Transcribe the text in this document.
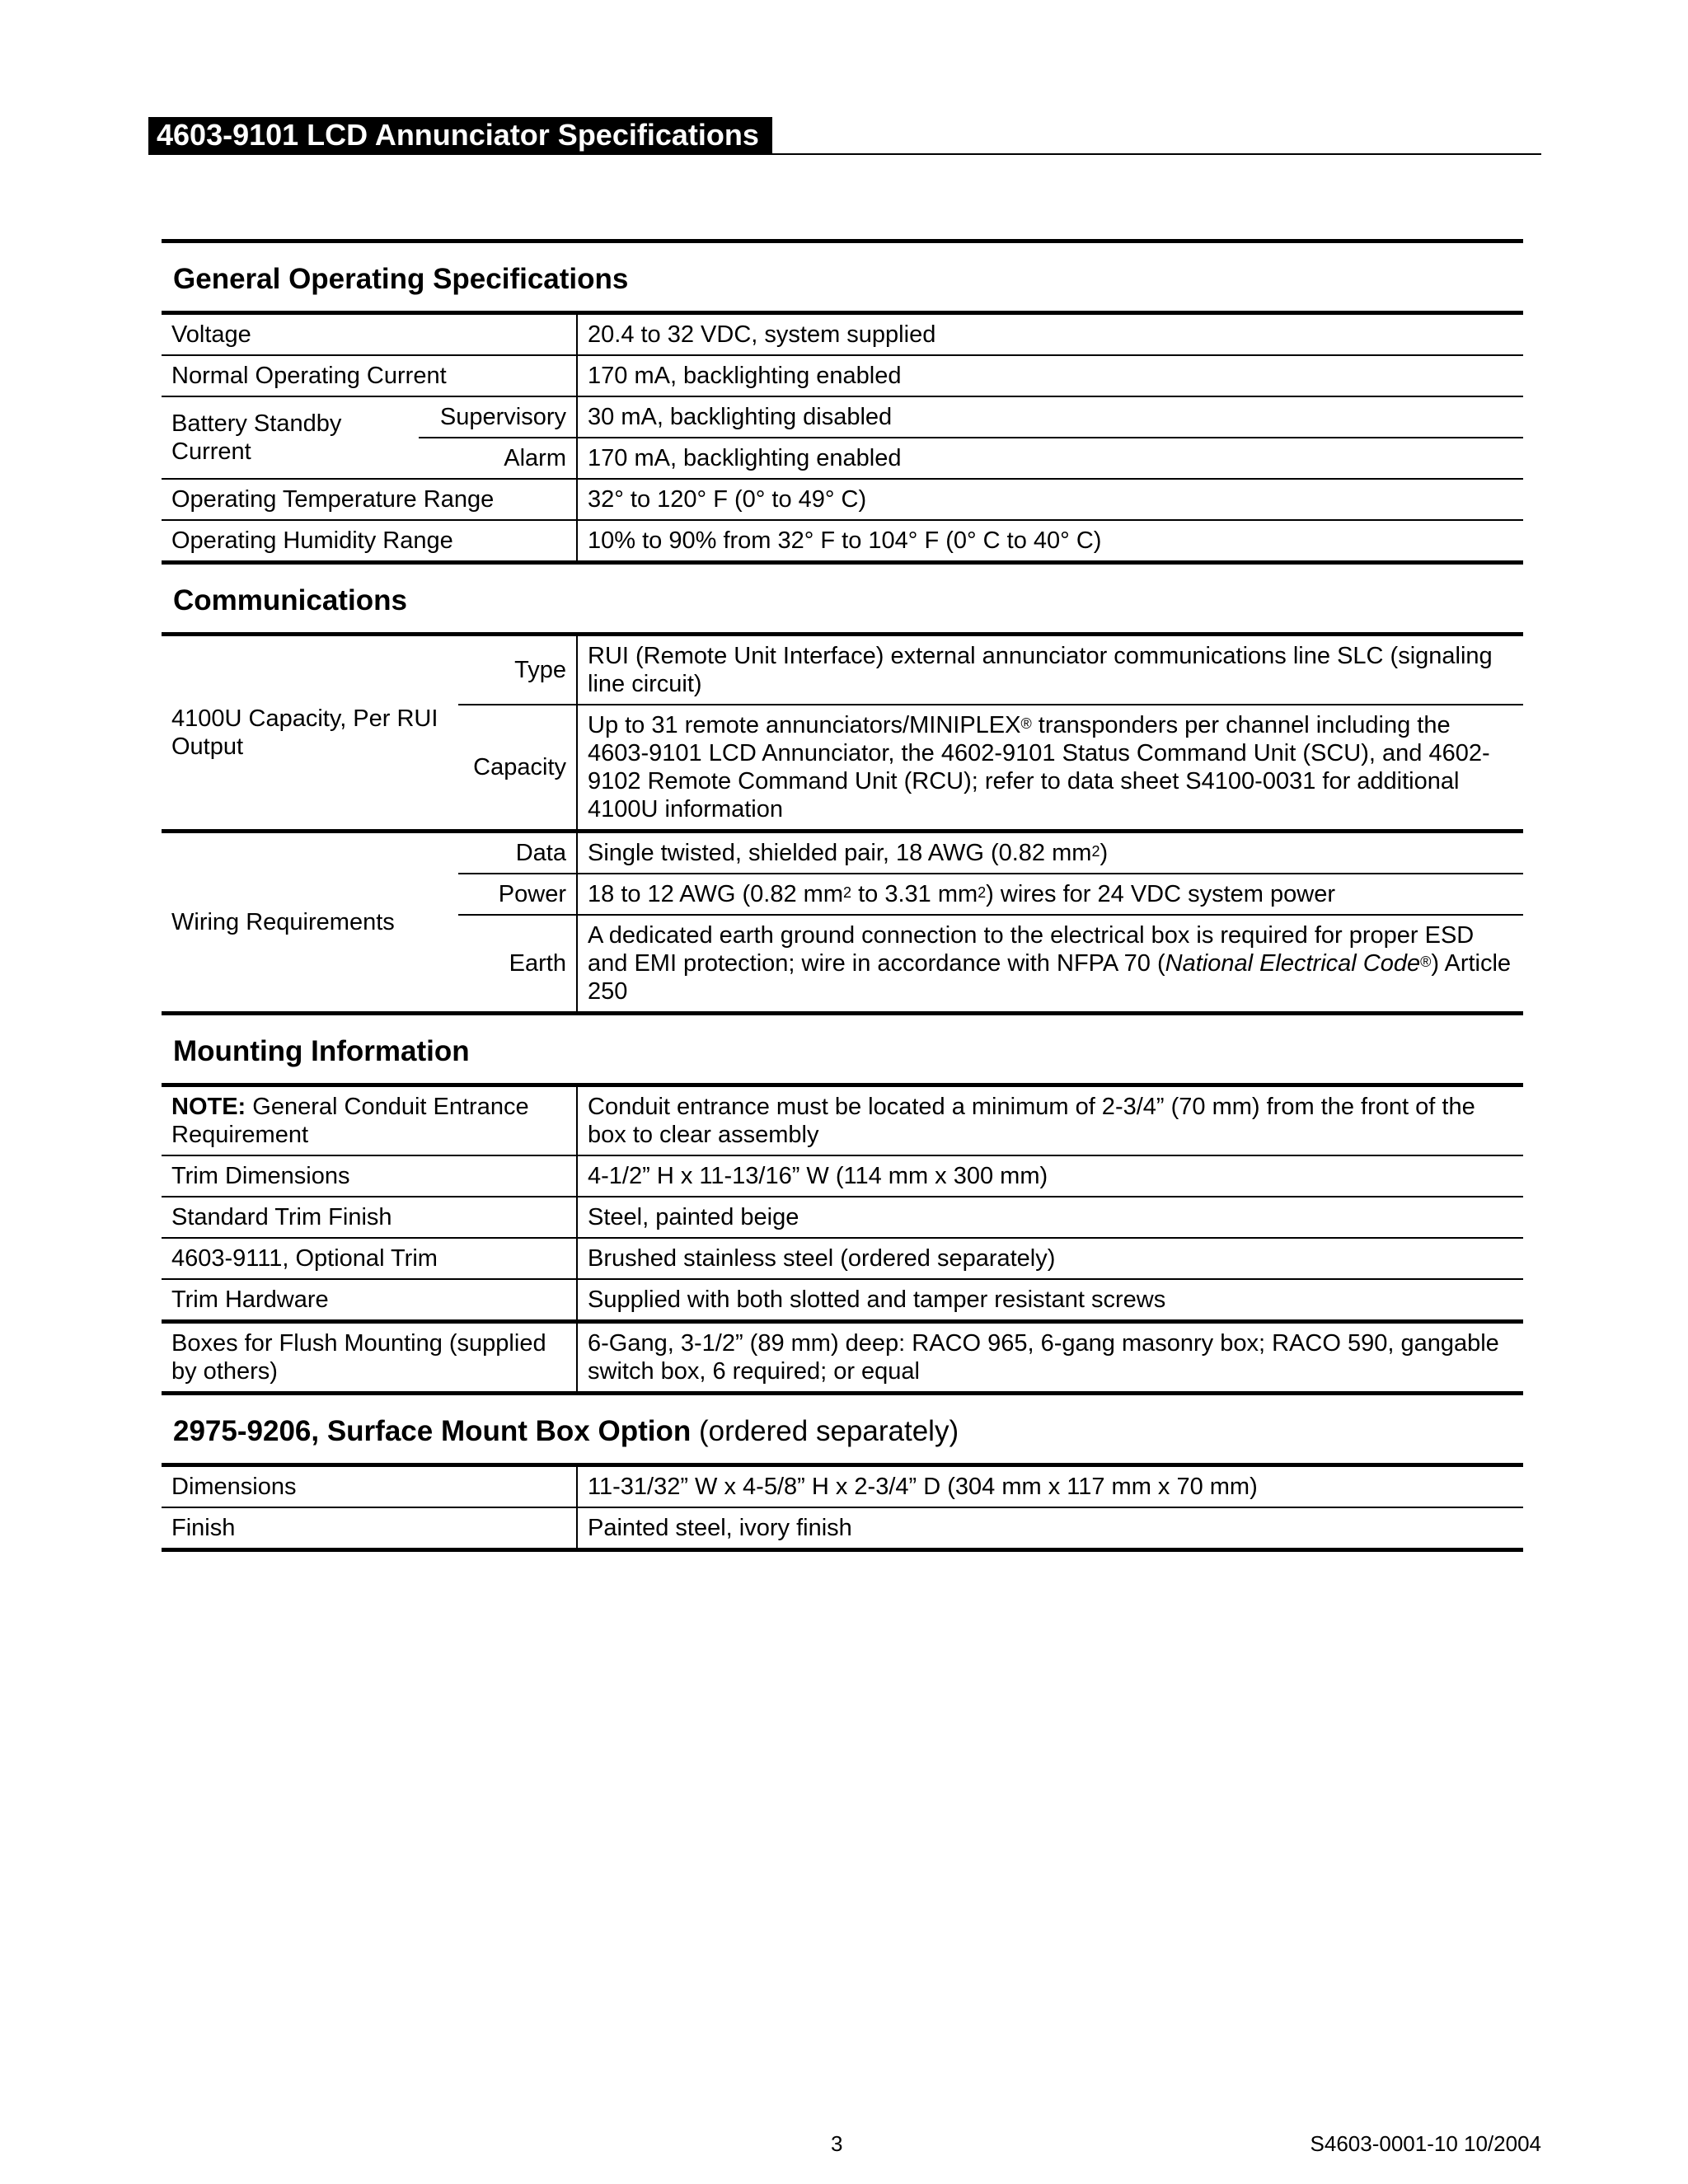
4603-9101 LCD Annunciator Specifications
General Operating Specifications
Voltage		20.4 to 32 VDC, system supplied
Normal Operating Current		170 mA, backlighting enabled
Battery Standby Current	Supervisory	30 mA, backlighting disabled
	Alarm	170 mA, backlighting enabled
Operating Temperature Range		32° to 120° F (0° to 49° C)
Operating Humidity Range		10% to 90% from 32° F to 104° F (0° C to 40° C)
Communications
4100U Capacity, Per RUI Output	Type	RUI (Remote Unit Interface) external annunciator communications line SLC (signaling line circuit)
	Capacity	Up to 31 remote annunciators/MINIPLEX® transponders per channel including the 4603-9101 LCD Annunciator, the 4602-9101 Status Command Unit (SCU), and 4602-9102 Remote Command Unit (RCU); refer to data sheet S4100-0031 for additional 4100U information
Wiring Requirements	Data	Single twisted, shielded pair, 18 AWG (0.82 $mm^2$)
	Power	18 to 12 AWG (0.82 $mm^2$ to 3.31 $mm^2$) wires for 24 VDC system power
	Earth	A dedicated earth ground connection to the electrical box is required for proper ESD and EMI protection; wire in accordance with NFPA 70 (National Electrical Code®) Article 250
Mounting Information
NOTE: General Conduit Entrance Requirement	Conduit entrance must be located a minimum of 2-3/4” (70 mm) from the front of the box to clear assembly
Trim Dimensions	4-1/2” H x 11-13/16” W (114 mm x 300 mm)
Standard Trim Finish	Steel, painted beige
4603-9111, Optional Trim	Brushed stainless steel (ordered separately)
Trim Hardware	Supplied with both slotted and tamper resistant screws
Boxes for Flush Mounting (supplied by others)	6-Gang, 3-1/2” (89 mm) deep: RACO 965, 6-gang masonry box; RACO 590, gangable switch box, 6 required; or equal
2975-9206, Surface Mount Box Option (ordered separately)
Dimensions	11-31/32” W x 4-5/8” H x 2-3/4” D (304 mm x 117 mm x 70 mm)
Finish	Painted steel, ivory finish
3	S4603-0001-10 10/2004
